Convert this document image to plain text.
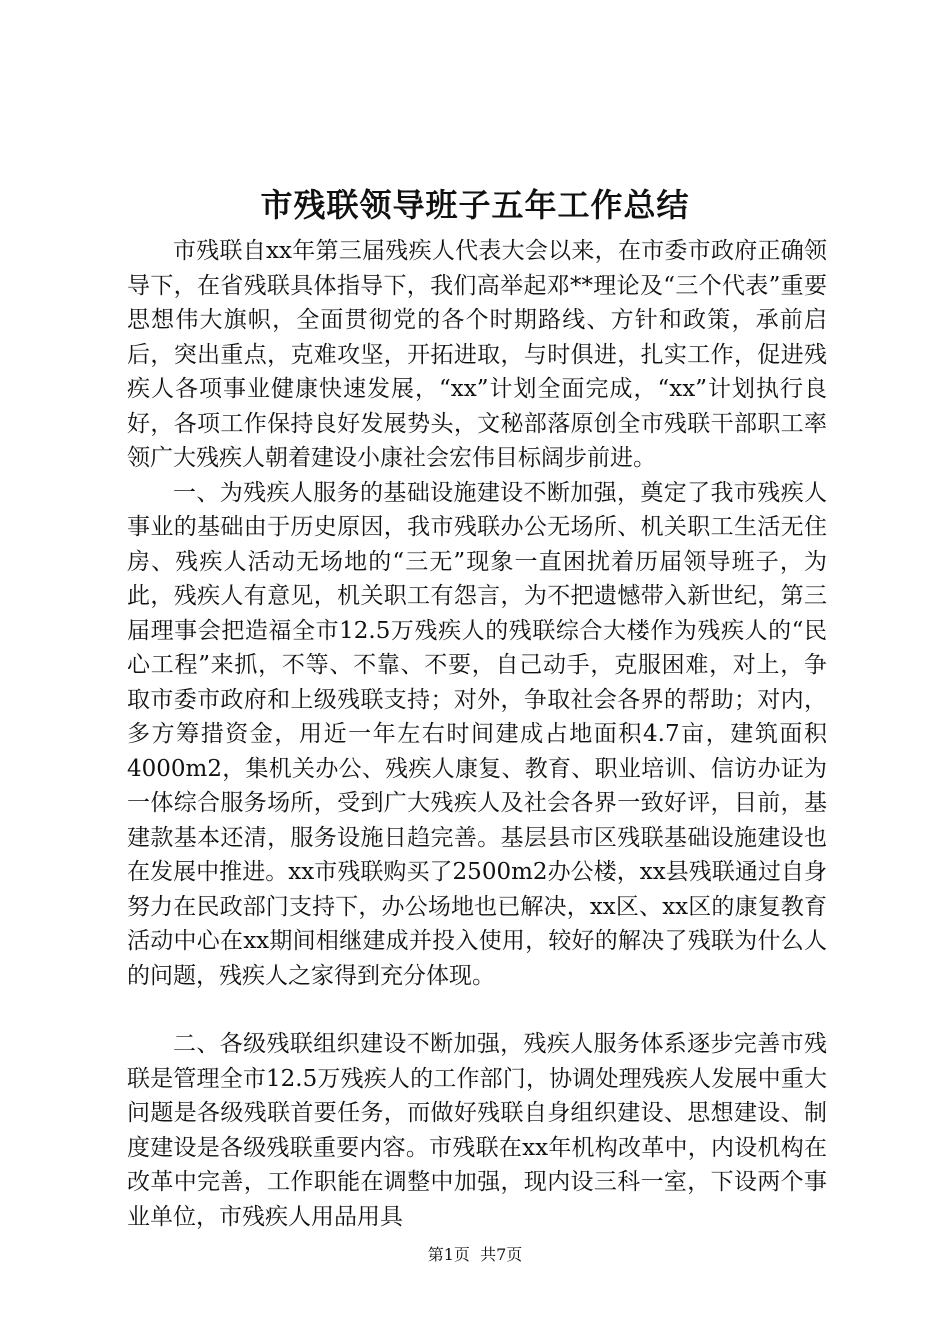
市残联领导班子五年工作总结

市残联自xx年第三届残疾人代表大会以来，在市委市政府正确领导下，在省残联具体指导下，我们高举起邓**理论及“三个代表”重要思想伟大旗帜，全面贯彻党的各个时期路线、方针和政策，承前启后，突出重点，克难攻坚，开拓进取，与时俱进，扎实工作，促进残疾人各项事业健康快速发展，“xx”计划全面完成，“xx”计划执行良好，各项工作保持良好发展势头，文秘部落原创全市残联干部职工率领广大残疾人朝着建设小康社会宏伟目标阔步前进。

一、为残疾人服务的基础设施建设不断加强，奠定了我市残疾人事业的基础由于历史原因，我市残联办公无场所、机关职工生活无住房、残疾人活动无场地的“三无”现象一直困扰着历届领导班子，为此，残疾人有意见，机关职工有怨言，为不把遗憾带入新世纪，第三届理事会把造福全市12.5万残疾人的残联综合大楼作为残疾人的“民心工程”来抓，不等、不靠、不要，自己动手，克服困难，对上，争取市委市政府和上级残联支持；对外，争取社会各界的帮助；对内，多方筹措资金，用近一年左右时间建成占地面积4.7亩，建筑面积4000m2，集机关办公、残疾人康复、教育、职业培训、信访办证为一体综合服务场所，受到广大残疾人及社会各界一致好评，目前，基建款基本还清，服务设施日趋完善。基层县市区残联基础设施建设也在发展中推进。xx市残联购买了2500m2办公楼，xx县残联通过自身努力在民政部门支持下，办公场地也已解决，xx区、xx区的康复教育活动中心在xx期间相继建成并投入使用，较好的解决了残联为什么人的问题，残疾人之家得到充分体现。

二、各级残联组织建设不断加强，残疾人服务体系逐步完善市残联是管理全市12.5万残疾人的工作部门，协调处理残疾人发展中重大问题是各级残联首要任务，而做好残联自身组织建设、思想建设、制度建设是各级残联重要内容。市残联在xx年机构改革中，内设机构在改革中完善，工作职能在调整中加强，现内设三科一室，下设两个事业单位，市残疾人用品用具

第1页 共7页
